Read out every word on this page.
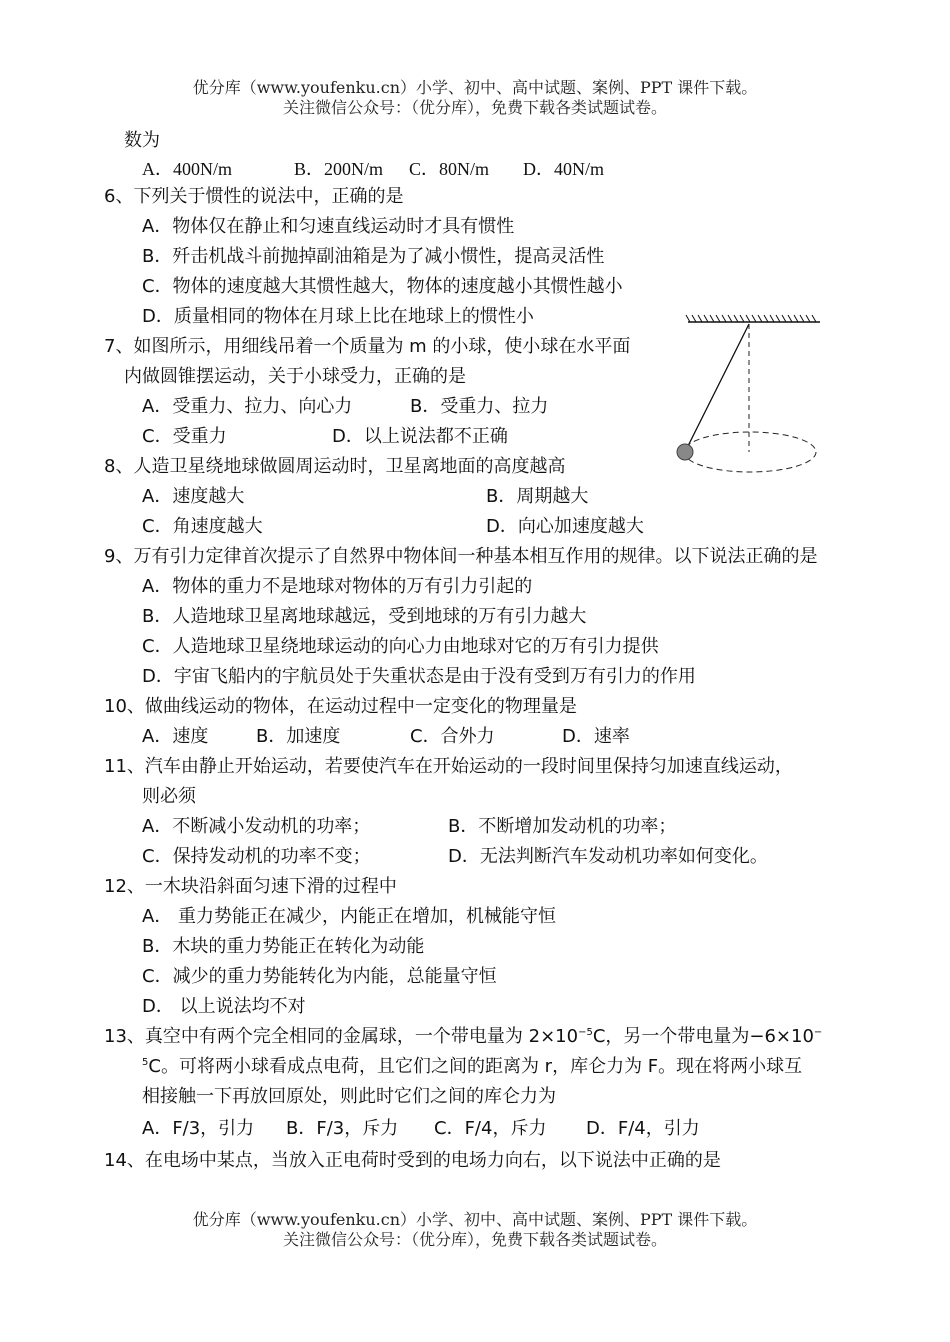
优分库（www.youfenku.cn）小学、初中、高中试题、案例、PPT 课件下载。
关注微信公众号：（优分库），免费下载各类试题试卷。
数为
A．400N/m	B．200N/m C．80N/m D．40N/m
6、下列关于惯性的说法中，正确的是
A．物体仅在静止和匀速直线运动时才具有惯性
B．歼击机战斗前抛掉副油箱是为了减小惯性，提高灵活性
C．物体的速度越大其惯性越大，物体的速度越小其惯性越小
D．质量相同的物体在月球上比在地球上的惯性小
7、如图所示，用细线吊着一个质量为 m 的小球，使小球在水平面
内做圆锥摆运动，关于小球受力，正确的是
A．受重力、拉力、向心力	B．受重力、拉力
C．受重力	D．以上说法都不正确
8、人造卫星绕地球做圆周运动时，卫星离地面的高度越高
A．速度越大	B．周期越大
C．角速度越大	D．向心加速度越大
9、万有引力定律首次提示了自然界中物体间一种基本相互作用的规律。以下说法正确的是
A．物体的重力不是地球对物体的万有引力引起的
B．人造地球卫星离地球越远，受到地球的万有引力越大
C．人造地球卫星绕地球运动的向心力由地球对它的万有引力提供
D．宇宙飞船内的宇航员处于失重状态是由于没有受到万有引力的作用
10、做曲线运动的物体，在运动过程中一定变化的物理量是
A．速度	B．加速度	C．合外力	D．速率
11、汽车由静止开始运动，若要使汽车在开始运动的一段时间里保持匀加速直线运动，
则必须
A．不断减小发动机的功率；	B．不断增加发动机的功率；
C．保持发动机的功率不变；	D．无法判断汽车发动机功率如何变化。
12、一木块沿斜面匀速下滑的过程中
A． 重力势能正在减少，内能正在增加，机械能守恒
B．木块的重力势能正在转化为动能
C．减少的重力势能转化为内能，总能量守恒
D． 以上说法均不对
13、真空中有两个完全相同的金属球，一个带电量为 $2\times 10^{-5}C$，另一个带电量为−6×10−
$^5$C。可将两小球看成点电荷，且它们之间的距离为 r，库仑力为 F。现在将两小球互
相接触一下再放回原处，则此时它们之间的库仑力为
A．F/3，引力 B．F/3，斥力 C．F/4，斥力 D．F/4，引力
14、在电场中某点，当放入正电荷时受到的电场力向右，以下说法中正确的是
优分库（www.youfenku.cn）小学、初中、高中试题、案例、PPT 课件下载。
关注微信公众号：（优分库），免费下载各类试题试卷。
